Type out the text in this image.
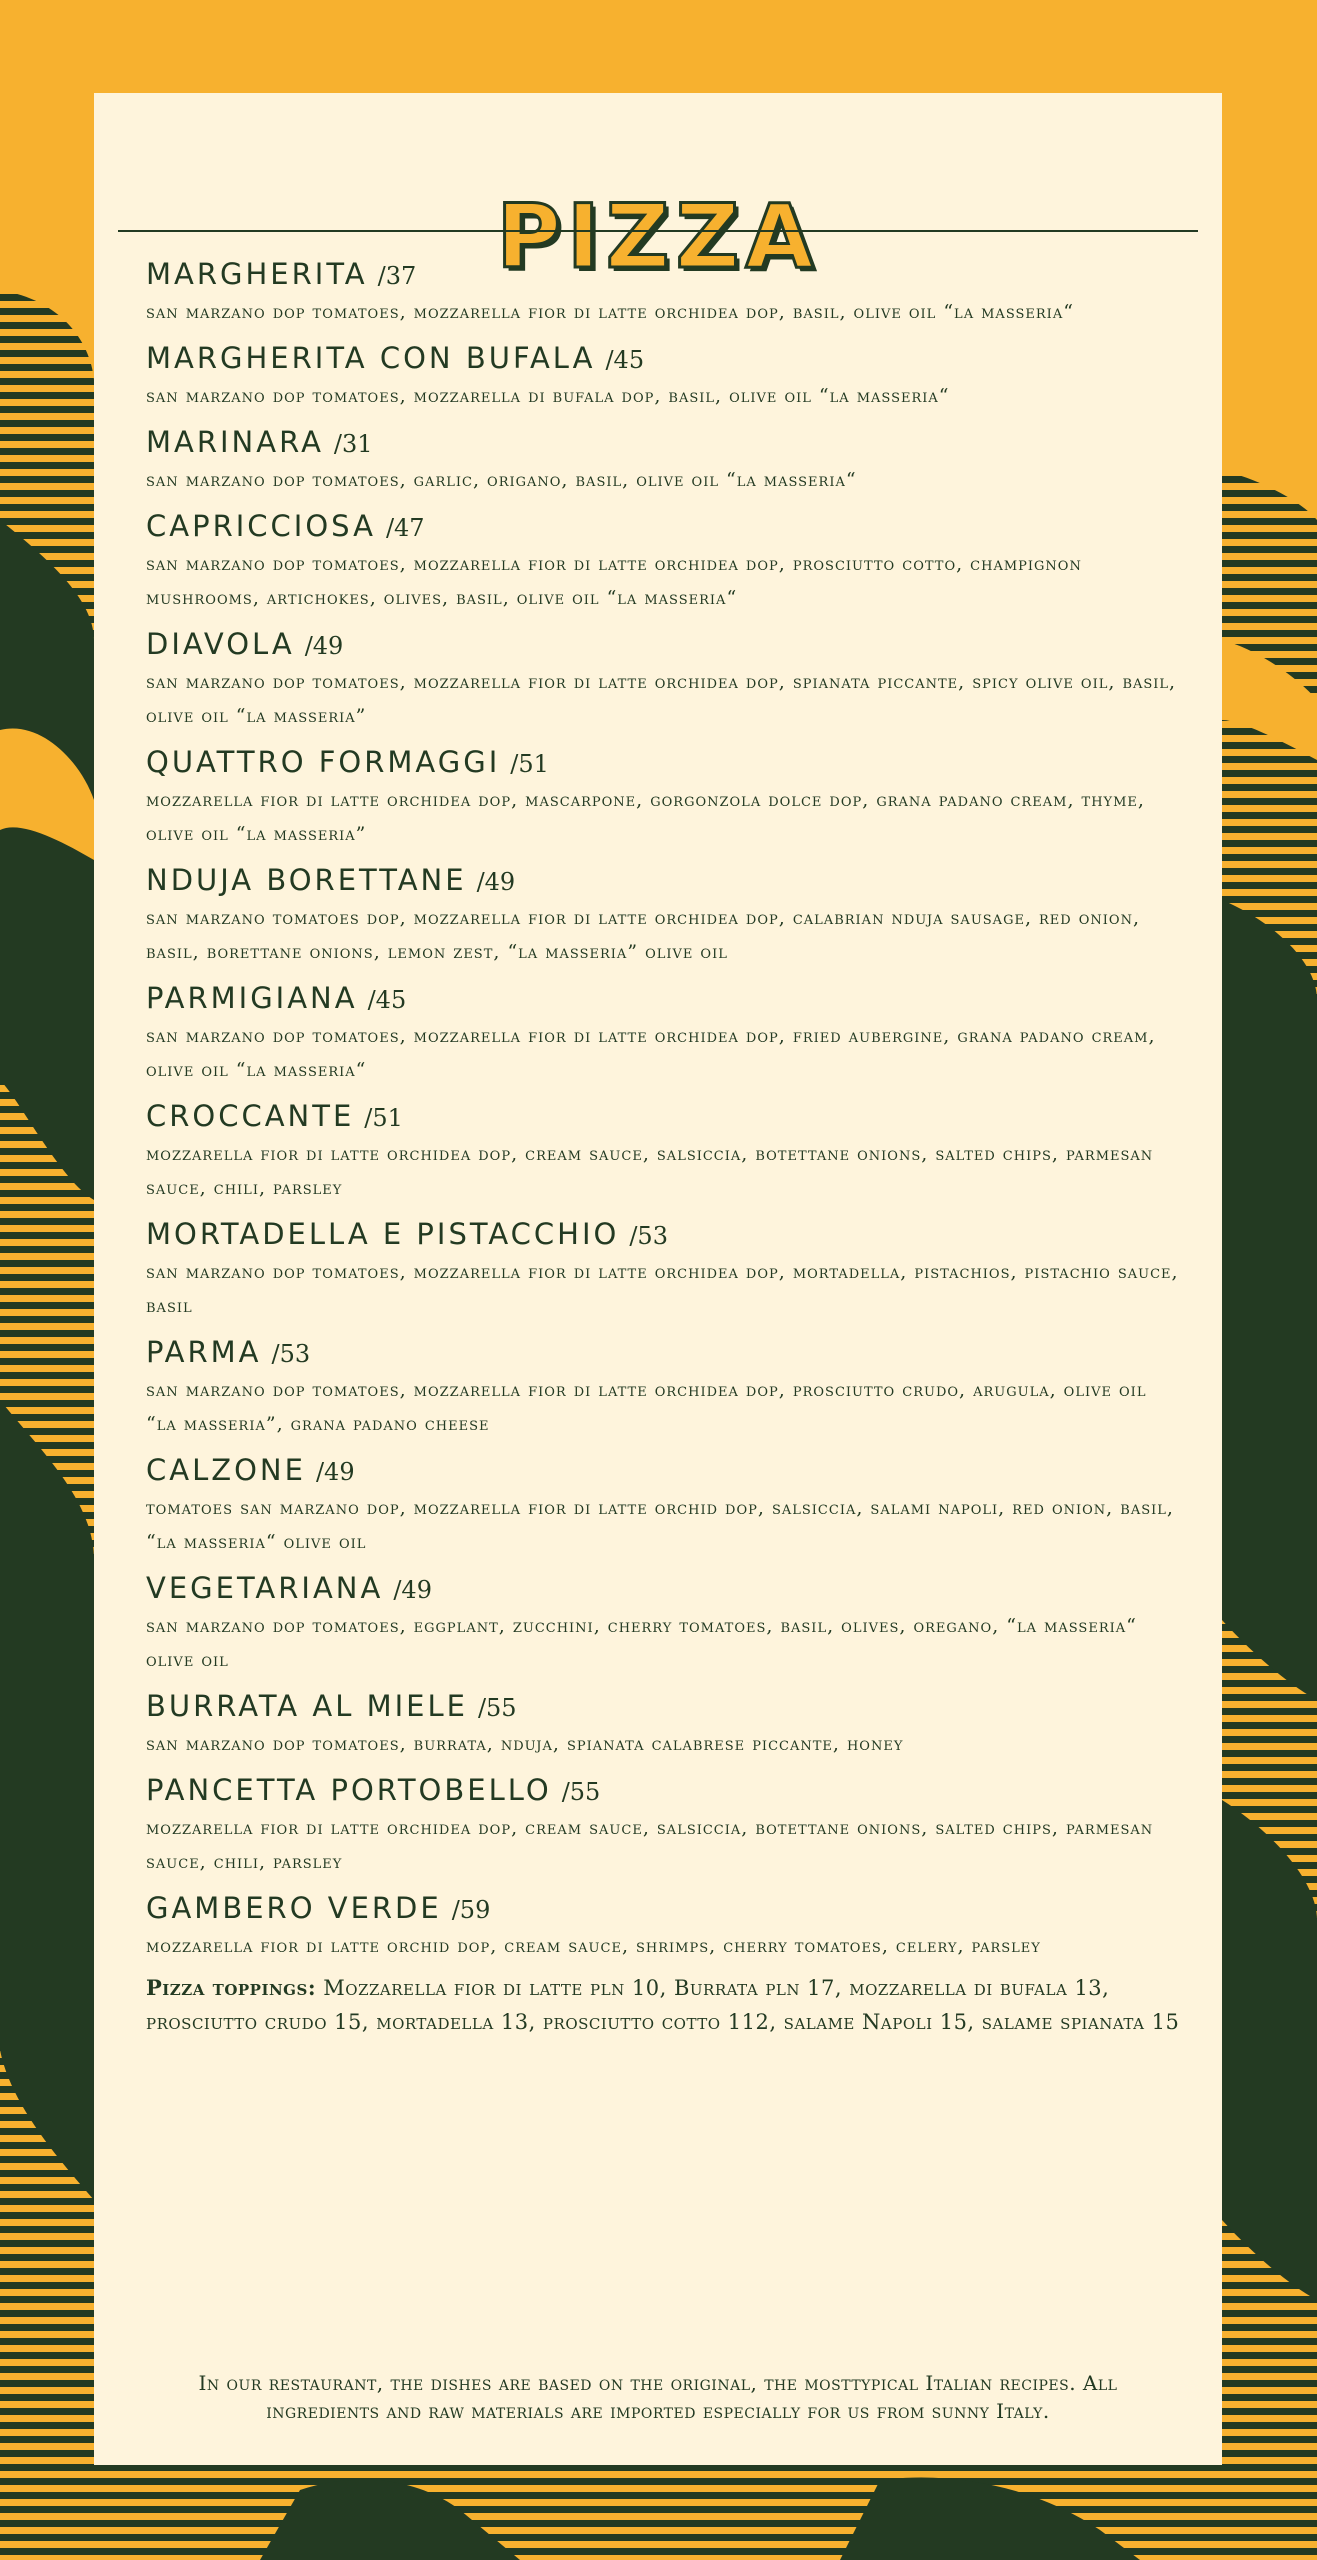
PIZZA
MARGHERITA /37
san marzano dop tomatoes, mozzarella fior di latte orchidea dop, basil, olive oil “la masseria“
MARGHERITA CON BUFALA /45
san marzano dop tomatoes, mozzarella di bufala dop, basil, olive oil “la masseria“
MARINARA /31
san marzano dop tomatoes, garlic, origano, basil, olive oil “la masseria“
CAPRICCIOSA /47
san marzano dop tomatoes, mozzarella fior di latte orchidea dop, prosciutto cotto, champignon mushrooms, artichokes, olives, basil, olive oil “la masseria“
DIAVOLA /49
san marzano dop tomatoes, mozzarella fior di latte orchidea dop, spianata piccante, spicy olive oil, basil, olive oil “la masseria”
QUATTRO FORMAGGI /51
mozzarella fior di latte orchidea dop, mascarpone, gorgonzola dolce dop, grana padano cream, thyme, olive oil “la masseria”
NDUJA BORETTANE /49
san marzano tomatoes dop, mozzarella fior di latte orchidea dop, calabrian nduja sausage, red onion, basil, borettane onions, lemon zest, “la masseria” olive oil
PARMIGIANA /45
san marzano dop tomatoes, mozzarella fior di latte orchidea dop, fried aubergine, grana padano cream, olive oil “la masseria“
CROCCANTE /51
mozzarella fior di latte orchidea dop, cream sauce, salsiccia, botettane onions, salted chips, parmesan sauce, chili, parsley
MORTADELLA E PISTACCHIO /53
san marzano dop tomatoes, mozzarella fior di latte orchidea dop, mortadella, pistachios, pistachio sauce, basil
PARMA /53
san marzano dop tomatoes, mozzarella fior di latte orchidea dop, prosciutto crudo, arugula, olive oil “la masseria”, grana padano cheese
CALZONE /49
tomatoes san marzano dop, mozzarella fior di latte orchid dop, salsiccia, salami napoli, red onion, basil, “la masseria“ olive oil
VEGETARIANA /49
san marzano dop tomatoes, eggplant, zucchini, cherry tomatoes, basil, olives, oregano, “la masseria“ olive oil
BURRATA AL MIELE /55
san marzano dop tomatoes, burrata, nduja, spianata calabrese piccante, honey
PANCETTA PORTOBELLO /55
mozzarella fior di latte orchidea dop, cream sauce, salsiccia, botettane onions, salted chips, parmesan sauce, chili, parsley
GAMBERO VERDE /59
mozzarella fior di latte orchid dop, cream sauce, shrimps, cherry tomatoes, celery, parsley
Pizza toppings: Mozzarella fior di latte pln 10, Burrata pln 17, mozzarella di bufala 13, prosciutto crudo 15, mortadella 13, prosciutto cotto 112, salame Napoli 15, salame spianata 15

In our restaurant, the dishes are based on the original, the mosttypical Italian recipes. All ingredients and raw materials are imported especially for us from sunny Italy.
